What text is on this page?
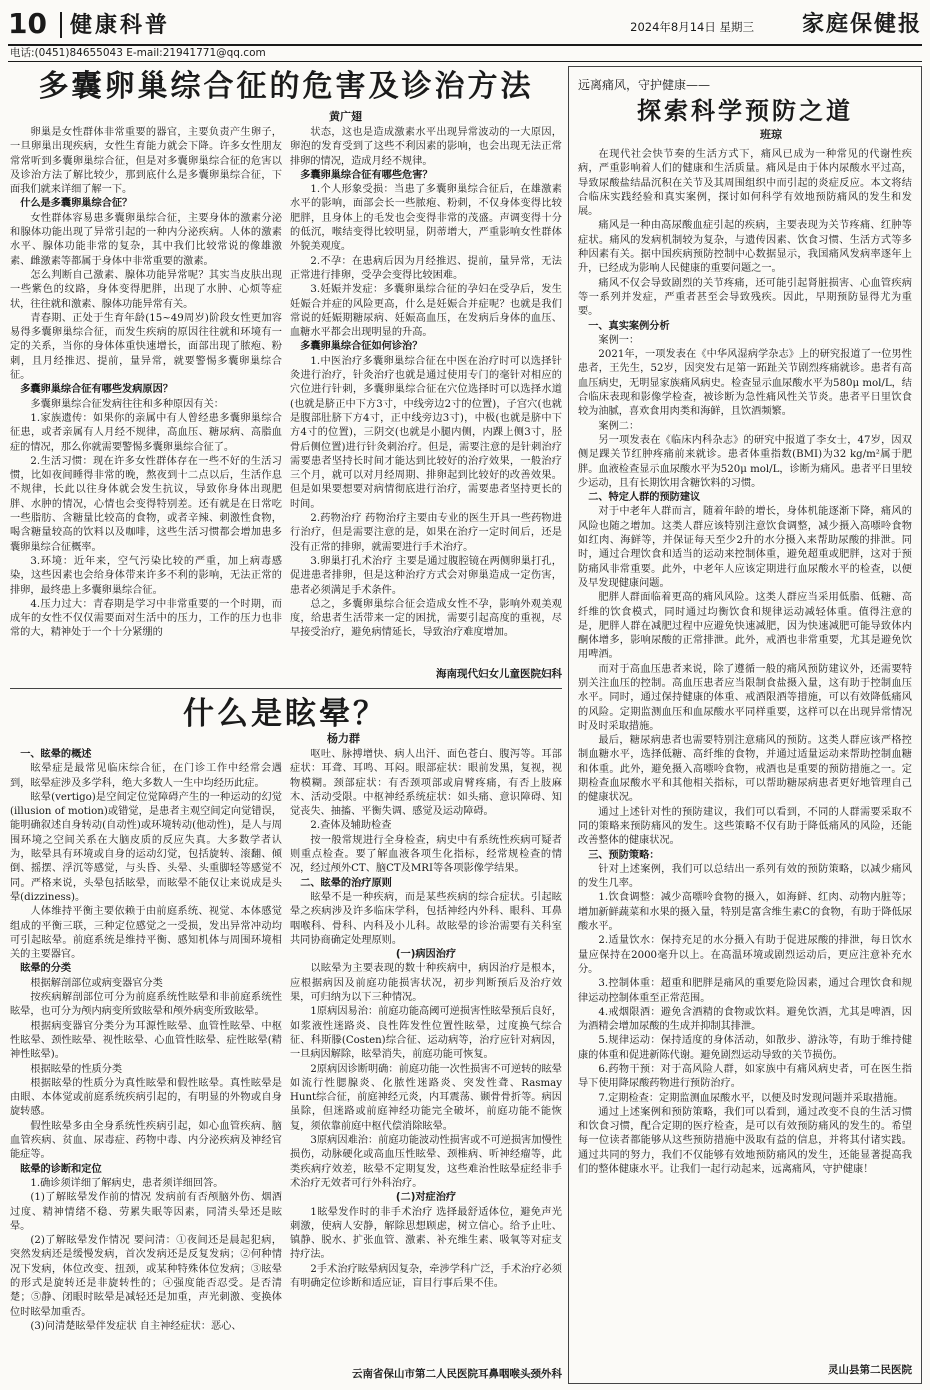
10 健康科普	2024年8月14日 星期三 家庭保健报
电话:(0451)84655043 E-mail:21941771@qq.com
多囊卵巢综合征的危害及诊治方法
黄广翅

卵巢是女性群体非常重要的器官，主要负责产生卵子，一旦卵巢出现疾病，女性生育能力就会下降。许多女性朋友常常听到多囊卵巢综合征，但是对多囊卵巢综合征的危害以及诊治方法了解比较少，那到底什么是多囊卵巢综合征，下面我们就来详细了解一下。

什么是多囊卵巢综合征？

女性群体容易患多囊卵巢综合征，主要身体的激素分泌和腺体功能出现了异常引起的一种内分泌疾病。人体的激素水平、腺体功能非常的复杂，其中我们比较常说的像雄激素、雌激素等都属于身体中非常重要的激素。

怎么判断自己激素、腺体功能异常呢？其实当皮肤出现一些紫色的纹路，身体变得肥胖，出现了水肿、心烦等症状，往往就和激素、腺体功能异常有关。

青春期、正处于生育年龄(15~49周岁)阶段女性更加容易得多囊卵巢综合征，而发生疾病的原因往往就和环境有一定的关系，当你的身体体重快速增长，面部出现了脓疱、粉刺，且月经推迟、提前，量异常，就要警惕多囊卵巢综合征。

多囊卵巢综合征有哪些发病原因？

多囊卵巢综合征发病往往和多种原因有关：

1.家族遗传：如果你的亲属中有人曾经患多囊卵巢综合征患，或者亲属有人月经不规律，高血压、糖尿病、高脂血症的情况，那么你就需要警惕多囊卵巢综合征了。

2.生活习惯：现在许多女性群体存在一些不好的生活习惯，比如夜间睡得非常的晚，熬夜到十二点以后，生活作息不规律，长此以往身体就会发生抗议，导致你身体出现肥胖、水肿的情况，心情也会变得特别差。还有就是在日常吃一些脂肪、含糖量比较高的食物，或者辛辣、刺激性食物，喝含糖量较高的饮料以及咖啡，这些生活习惯都会增加患多囊卵巢综合征概率。

3.环境：近年来，空气污染比较的严重，加上病毒感染，这些因素也会给身体带来许多不利的影响，无法正常的排卵，最终患上多囊卵巢综合征。

4.压力过大：青春期是学习中非常重要的一个时期，而成年的女性不仅仅需要面对生活中的压力，工作的压力也非常的大，精神处于一个十分紧绷的

状态，这也是造成激素水平出现异常波动的一大原因，卵泡的发育受到了这些不利因素的影响，也会出现无法正常排卵的情况，造成月经不规律。

多囊卵巢综合征有哪些危害？

1.个人形象受损：当患了多囊卵巢综合征后，在雄激素水平的影响，面部会长一些脓疱、粉刺，不仅身体变得比较肥胖，且身体上的毛发也会变得非常的茂盛。声调变得十分的低沉，喉结变得比较明显，阴蒂增大，严重影响女性群体外貌美观度。

2.不孕：在患病后因为月经推迟、提前，量异常，无法正常进行排卵，受孕会变得比较困难。

3.妊娠并发症：多囊卵巢综合征的孕妇在受孕后，发生妊娠合并症的风险更高，什么是妊娠合并症呢？也就是我们常说的妊娠期糖尿病、妊娠高血压，在发病后身体的血压、血糖水平都会出现明显的升高。

多囊卵巢综合征如何诊治？

1.中医治疗多囊卵巢综合征在中医在治疗时可以选择针灸进行治疗，针灸治疗也就是通过使用专门的毫针对相应的穴位进行针刺，多囊卵巢综合征在穴位选择时可以选择水道(也就是脐正中下方3寸，中线旁边2寸的位置)，子宫穴(也就是腹部肚脐下方4寸，正中线旁边3寸)，中极(也就是脐中下方4寸的位置)，三阴交(也就是小腿内侧，内踝上侧3寸，胫骨后侧位置)进行针灸刺治疗。但是，需要注意的是针刺治疗需要患者坚持长时间才能达到比较好的治疗效果，一般治疗三个月，就可以对月经周期、排卵起到比较好的改善效果。但是如果要想要对病情彻底进行治疗，需要患者坚持更长的时间。

2.药物治疗 药物治疗主要由专业的医生开具一些药物进行治疗，但是需要注意的是，如果在治疗一定时间后，还是没有正常的排卵，就需要进行手术治疗。

3.卵巢打孔术治疗 主要是通过腹腔镜在两侧卵巢打孔，促进患者排卵，但是这种治疗方式会对卵巢造成一定伤害，患者必须满足手术条件。

总之，多囊卵巢综合征会造成女性不孕，影响外观美观度，给患者生活带来一定的困扰，需要引起高度的重视，尽早接受治疗，避免病情延长，导致治疗难度增加。

海南现代妇女儿童医院妇科
什么是眩晕？
杨力群

一、眩晕的概述

眩晕症是最常见临床综合征，在门诊工作中经常会遇到，眩晕症涉及多学科，绝大多数人一生中均经历此症。

眩晕(vertigo)是空间定位觉障碍产生的一种运动的幻觉(illusion of motion)或错觉，是患者主观空间定向觉错误，能明确叙述自身转动(自动性)或环境转动(他动性)，是人与周围环境之空间关系在大脑皮质的反应失真。大多数学者认为，眩晕具有环境或自身的运动幻觉，包括旋转、滚翻、倾倒、摇摆、浮沉等感觉，与头昏、头晕、头重脚轻等感觉不同。严格来说，头晕包括眩晕，而眩晕不能仅让来说成是头晕(dizziness)。

人体维持平衡主要依赖于由前庭系统、视觉、本体感觉组成的平衡三联，三种定位感觉之一受损，发出异常冲动均可引起眩晕。前庭系统是维持平衡、感知机体与周围环境相关的主要器官。

眩晕的分类

根据解剖部位或病变器官分类

按疾病解剖部位可分为前庭系统性眩晕和非前庭系统性眩晕，也可分为颅内病变所致眩晕和颅外病变所致眩晕。

根据病变器官分类分为耳源性眩晕、血管性眩晕、中枢性眩晕、颈性眩晕、视性眩晕、心血管性眩晕、症性眩晕(精神性眩晕)。

根据眩晕的性质分类

根据眩晕的性质分为真性眩晕和假性眩晕。真性眩晕是由眼、本体觉或前庭系统疾病引起的，有明显的外物或自身旋转感。

假性眩晕多由全身系统性疾病引起，如心血管疾病、脑血管疾病、贫血、尿毒症、药物中毒、内分泌疾病及神经官能症等。

眩晕的诊断和定位

1.确诊须详细了解病史，患者须详细回答。

(1)了解眩晕发作前的情况 发病前有否颅脑外伤、烟酒过度、精神情绪不稳、劳累失眠等因素，同清头晕还是眩晕。

(2)了解眩晕发作情况 要问清：①夜间还是晨起犯病，突然发病还是缓慢发病，首次发病还是反复发病；②何种情况下发病，体位改变、扭颈，或某种特殊体位发病；③眩晕的形式是旋转还是非旋转性的；④强度能否忍受。是否清楚；⑤静、闭眼时眩晕是减轻还是加重，声光刺激、变换体位时眩晕加重否。

(3)问清楚眩晕伴发症状 自主神经症状：恶心、

呕吐、脉搏增快、病人出汗、面色苍白、腹泻等。耳部症状：耳聋、耳鸣、耳闷。眼部症状：眼前发黑，复视，视物模糊。颈部症状：有否颈项部或肩臂疼痛，有否上肢麻木、活动受限。中枢神经系统症状：如头痛、意识障碍、知觉丧失、抽搐、平衡失调、感觉及运动障碍。

2.查体及辅助检查

按一般常规进行全身检查，病史中有系统性疾病可疑者则重点检查。要了解血液各项生化指标，经常规检查的情况，经过颅外CT、脑CT及MRI等各项影像学结果。

二、眩晕的治疗原则

眩晕不是一种疾病，而是某些疾病的综合症状。引起眩晕之疾病涉及许多临床学科，包括神经内外科、眼科、耳鼻咽喉科、骨科、内科及小儿科。故眩晕的诊治需要有关科室共同协商确定处理原则。

(一)病因治疗

以眩晕为主要表现的数十种疾病中，病因治疗是根本，应根据病因及前庭功能损害状况，初步判断预后及治疗效果，可归纳为以下三种情况。

1原病因易治：前庭功能高阈可逆损害性眩晕预后良好，如浆液性迷路炎、良性阵发性位置性眩晕，过度换气综合征、科斯滕(Costen)综合征、运动病等，治疗应针对病因，一旦病因解除，眩晕消失，前庭功能可恢复。

2原病因诊断明确：前庭功能一次性损害不可逆转的眩晕 如流行性腮腺炎、化脓性迷路炎、突发性聋、Rasmay Hunt综合征，前庭神经元炎，内耳震荡、颞骨骨折等。病因虽除，但迷路或前庭神经功能完全破坏，前庭功能不能恢复，须依靠前庭中枢代偿消除眩晕。

3原病因难治：前庭功能波动性损害或不可逆损害加慢性损伤，动脉硬化或高血压性眩晕、颈椎病、听神经瘤等，此类疾病疗效差，眩晕不定期复发，这些难治性眩晕症经非手术治疗无效者可行外科治疗。

(二)对症治疗

1眩晕发作时的非手术治疗 选择最舒适体位，避免声光刺激，使病人安静，解除思想顾虑，树立信心。给予止吐、镇静、脱水、扩张血管、激素、补充维生素、吸氧等对症支持疗法。

2手术治疗眩晕病因复杂，牵涉学科广泛，手术治疗必须有明确定位诊断和适应证，盲目行事后果不佳。

云南省保山市第二人民医院耳鼻咽喉头颈外科
远离痛风，守护健康——
探索科学预防之道
班琼

在现代社会快节奏的生活方式下，痛风已成为一种常见的代谢性疾病，严重影响着人们的健康和生活质量。痛风是由于体内尿酸水平过高，导致尿酸盐结晶沉积在关节及其周围组织中而引起的炎症反应。本文将结合临床实践经验和真实案例，探讨如何科学有效地预防痛风的发生和发展。

痛风是一种由高尿酸血症引起的疾病，主要表现为关节疼痛、红肿等症状。痛风的发病机制较为复杂，与遗传因素、饮食习惯、生活方式等多种因素有关。据中国疾病预防控制中心数据显示，我国痛风发病率逐年上升，已经成为影响人民健康的重要问题之一。

痛风不仅会导致剧烈的关节疼痛，还可能引起肾脏损害、心血管疾病等一系列并发症，严重者甚至会导致残疾。因此，早期预防显得尤为重要。

一、真实案例分析

案例一：

2021年，一项发表在《中华风湿病学杂志》上的研究报道了一位男性患者，王先生，52岁，因突发右足第一跖趾关节剧烈疼痛就诊。患者有高血压病史，无明显家族痛风病史。检查显示血尿酸水平为580μ mol/L，结合临床表现和影像学检查，被诊断为急性痛风性关节炎。患者平日里饮食较为油腻，喜欢食用肉类和海鲜，且饮酒频繁。

案例二：

另一项发表在《临床内科杂志》的研究中报道了李女士，47岁，因双侧足踝关节红肿疼痛前来就诊。患者体重指数(BMI)为32 kg/m²属于肥胖。血液检查显示血尿酸水平为520μ mol/L，诊断为痛风。患者平日里较少运动，且有长期饮用含糖饮料的习惯。

二、特定人群的预防建议

对于中老年人群而言，随着年龄的增长，身体机能逐渐下降，痛风的风险也随之增加。这类人群应该特别注意饮食调整，减少摄入高嘌呤食物如红肉、海鲜等，并保证每天至少2升的水分摄入来帮助尿酸的排泄。同时，通过合理饮食和适当的运动来控制体重，避免超重或肥胖，这对于预防痛风非常重要。此外，中老年人应该定期进行血尿酸水平的检查，以便及早发现健康问题。

肥胖人群面临着更高的痛风风险。这类人群应当采用低脂、低糖、高纤维的饮食模式，同时通过均衡饮食和规律运动减轻体重。值得注意的是，肥胖人群在减肥过程中应避免快速减肥，因为快速减肥可能导致体内酮体增多，影响尿酸的正常排泄。此外，戒酒也非常重要，尤其是避免饮用啤酒。

而对于高血压患者来说，除了遵循一般的痛风预防建议外，还需要特别关注血压的控制。高血压患者应当限制食盐摄入量，这有助于控制血压水平。同时，通过保持健康的体重、戒酒限酒等措施，可以有效降低痛风的风险。定期监测血压和血尿酸水平同样重要，这样可以在出现异常情况时及时采取措施。

最后，糖尿病患者也需要特别注意痛风的预防。这类人群应该严格控制血糖水平，选择低糖、高纤维的食物，并通过适量运动来帮助控制血糖和体重。此外，避免摄入高嘌呤食物，戒酒也是重要的预防措施之一。定期检查血尿酸水平和其他相关指标，可以帮助糖尿病患者更好地管理自己的健康状况。

通过上述针对性的预防建议，我们可以看到，不同的人群需要采取不同的策略来预防痛风的发生。这些策略不仅有助于降低痛风的风险，还能改善整体的健康状况。

三、预防策略：

针对上述案例，我们可以总结出一系列有效的预防策略，以减少痛风的发生几率。

1.饮食调整：减少高嘌呤食物的摄入，如海鲜、红肉、动物内脏等；增加新鲜蔬菜和水果的摄入量，特别是富含维生素C的食物，有助于降低尿酸水平。

2.适量饮水：保持充足的水分摄入有助于促进尿酸的排泄，每日饮水量应保持在2000毫升以上。在高温环境或剧烈运动后，更应注意补充水分。

3.控制体重：超重和肥胖是痛风的重要危险因素，通过合理饮食和规律运动控制体重至正常范围。

4.戒烟限酒：避免含酒精的食物或饮料。避免饮酒，尤其是啤酒，因为酒精会增加尿酸的生成并抑制其排泄。

5.规律运动：保持适度的身体活动，如散步、游泳等，有助于维持健康的体重和促进新陈代谢。避免剧烈运动导致的关节损伤。

6.药物干预：对于高风险人群，如家族中有痛风病史者，可在医生指导下使用降尿酸药物进行预防治疗。

7.定期检查：定期监测血尿酸水平，以便及时发现问题并采取措施。

通过上述案例和预防策略，我们可以看到，通过改变不良的生活习惯和饮食习惯，配合定期的医疗检查，是可以有效预防痛风的发生的。希望每一位读者都能够从这些预防措施中汲取有益的信息，并将其付诸实践。通过共同的努力，我们不仅能够有效地预防痛风的发生，还能显著提高我们的整体健康水平。让我们一起行动起来，远离痛风，守护健康！

灵山县第二民医院
